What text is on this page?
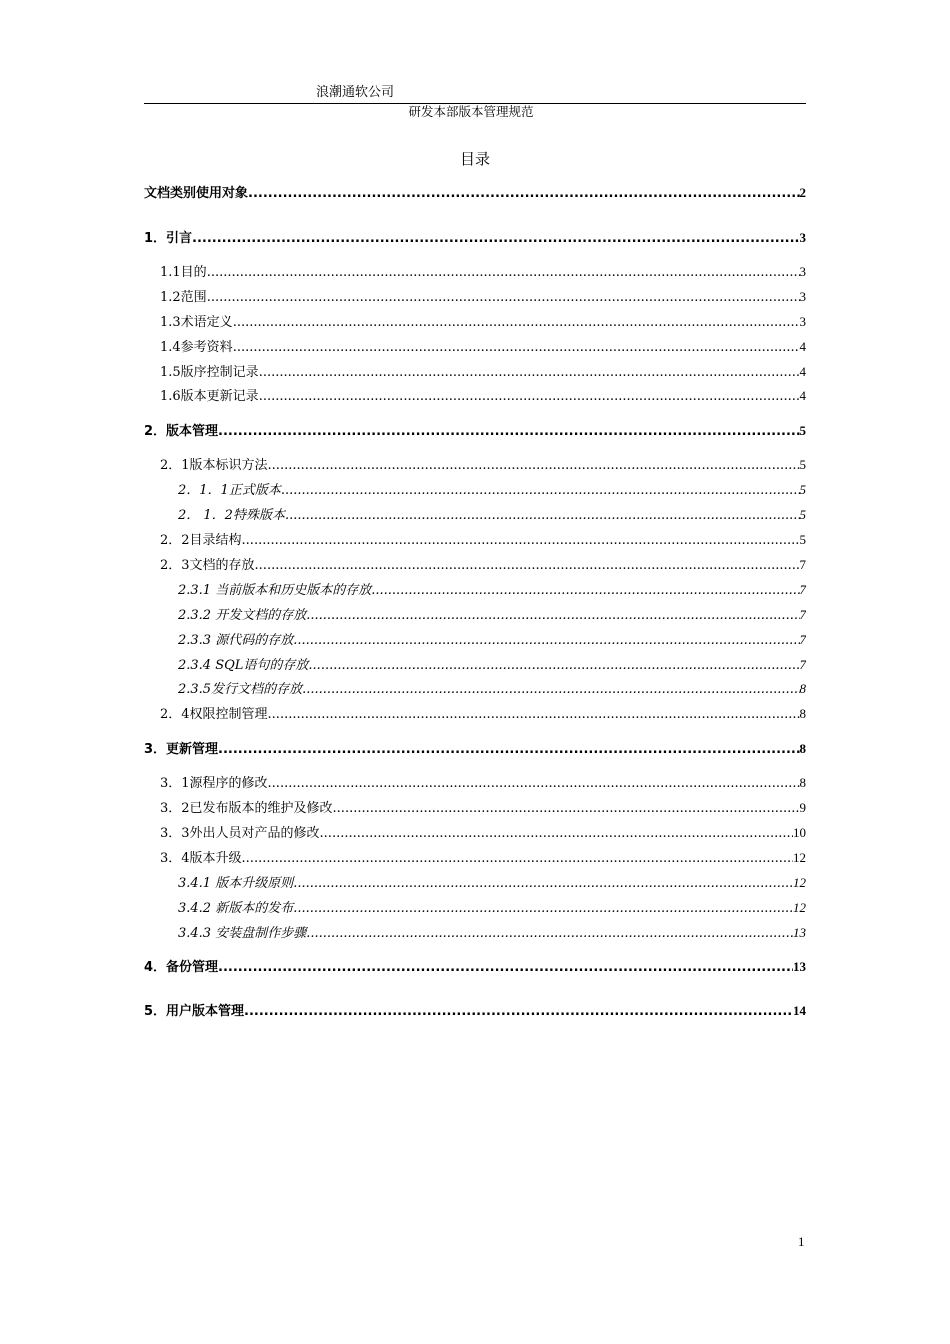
浪潮通软公司
研发本部版本管理规范
目录
文档类别使用对象 .....	2
1．引言 .....	3
1.1目的 .....	3
1.2范围 .....	3
1.3术语定义 .....	3
1.4参考资料 .....	4
1.5版序控制记录 .....	4
1.6版本更新记录 .....	4
2．版本管理 .....	5
2．1版本标识方法 .....	5
2．1．1正式版本 .....	5
2． 1．2特殊版本 .....	5
2．2目录结构 .....	5
2．3文档的存放 .....	7
2.3.1 当前版本和历史版本的存放 .....	7
2.3.2 开发文档的存放 .....	7
2.3.3 源代码的存放 .....	7
2.3.4 SQL语句的存放 .....	7
2.3.5发行文档的存放 .....	8
2．4权限控制管理 .....	8
3．更新管理 .....	8
3．1源程序的修改 .....	8
3．2已发布版本的维护及修改 .....	9
3．3外出人员对产品的修改 .....	10
3．4版本升级 .....	12
3.4.1 版本升级原则 .....	12
3.4.2 新版本的发布 .....	12
3.4.3 安装盘制作步骤 .....	13
4．备份管理 .....	13
5．用户版本管理 .....	14
1
